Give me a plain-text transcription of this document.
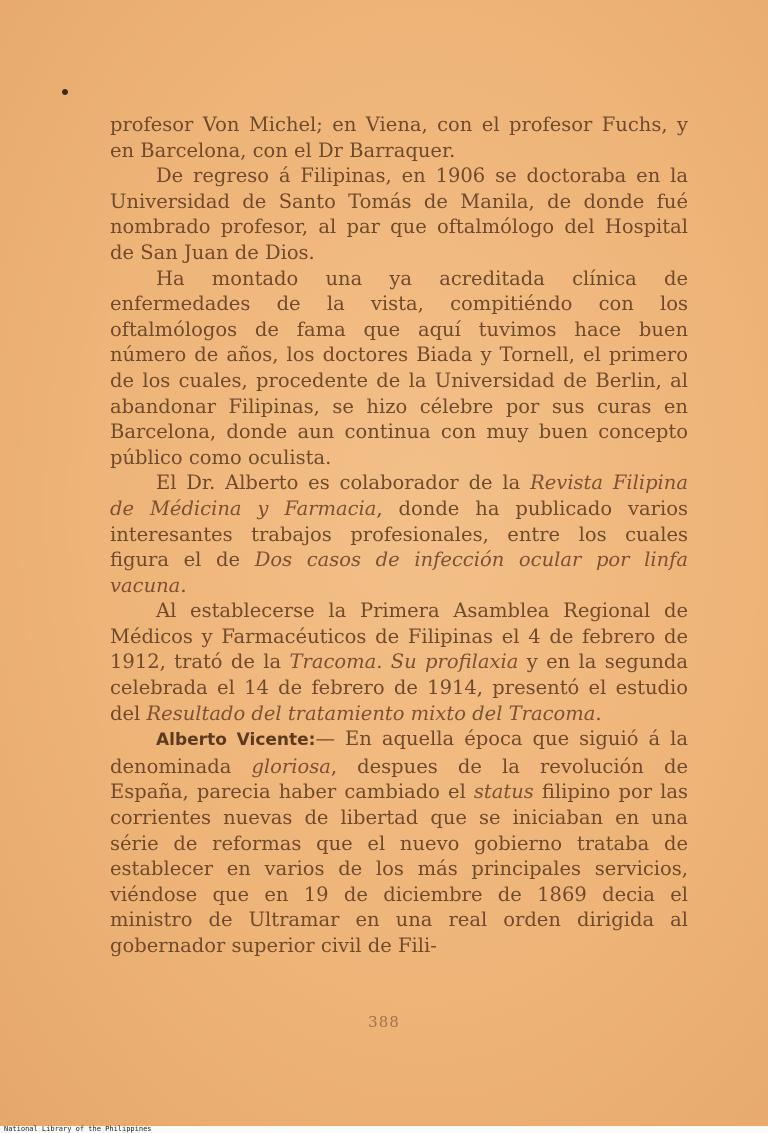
profesor Von Michel; en Viena, con el profesor Fuchs, y en Barcelona, con el Dr Barraquer.

De regreso á Filipinas, en 1906 se doctoraba en la Universidad de Santo Tomás de Manila, de donde fué nombrado profesor, al par que oftalmólogo del Hospital de San Juan de Dios.

Ha montado una ya acreditada clínica de enfermedades de la vista, compitiéndo con los oftalmólogos de fama que aquí tuvimos hace buen número de años, los doctores Biada y Tornell, el primero de los cuales, procedente de la Universidad de Berlin, al abandonar Filipinas, se hizo célebre por sus curas en Barcelona, donde aun continua con muy buen concepto público como oculista.

El Dr. Alberto es colaborador de la Revista Filipina de Médicina y Farmacia, donde ha publicado varios interesantes trabajos profesionales, entre los cuales figura el de Dos casos de infección ocular por linfa vacuna.

Al establecerse la Primera Asamblea Regional de Médicos y Farmacéuticos de Filipinas el 4 de febrero de 1912, trató de la Tracoma. Su profilaxia y en la segunda celebrada el 14 de febrero de 1914, presentó el estudio del Resultado del tratamiento mixto del Tracoma.

Alberto Vicente:— En aquella época que siguió á la denominada gloriosa, despues de la revolución de España, parecia haber cambiado el status filipino por las corrientes nuevas de libertad que se iniciaban en una série de reformas que el nuevo gobierno trataba de establecer en varios de los más principales servicios, viéndose que en 19 de diciembre de 1869 decia el ministro de Ultramar en una real orden dirigida al gobernador superior civil de Fili-

388
National Library of the Philippines
